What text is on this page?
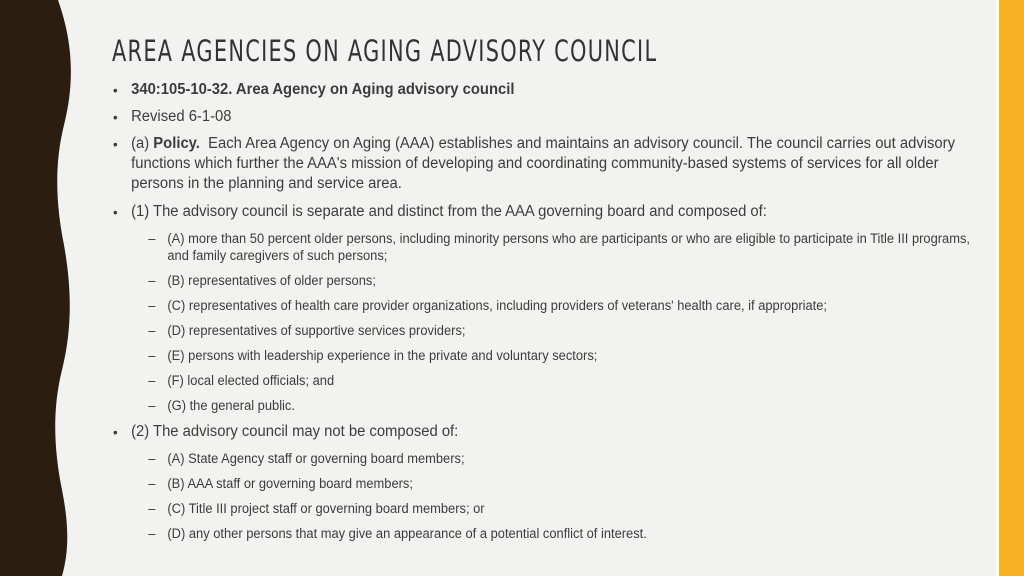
AREA AGENCIES ON AGING ADVISORY COUNCIL

• 340:105-10-32. Area Agency on Aging advisory council

• Revised 6-1-08

• (a) Policy.  Each Area Agency on Aging (AAA) establishes and maintains an advisory council. The council carries out advisory functions which further the AAA's mission of developing and coordinating community-based systems of services for all older persons in the planning and service area.

• (1) The advisory council is separate and distinct from the AAA governing board and composed of:

– (A) more than 50 percent older persons, including minority persons who are participants or who are eligible to participate in Title III programs, and family caregivers of such persons;

– (B) representatives of older persons;

– (C) representatives of health care provider organizations, including providers of veterans' health care, if appropriate;

– (D) representatives of supportive services providers;

– (E) persons with leadership experience in the private and voluntary sectors;

– (F) local elected officials; and

– (G) the general public.

• (2) The advisory council may not be composed of:

– (A) State Agency staff or governing board members;

– (B) AAA staff or governing board members;

– (C) Title III project staff or governing board members; or

– (D) any other persons that may give an appearance of a potential conflict of interest.
